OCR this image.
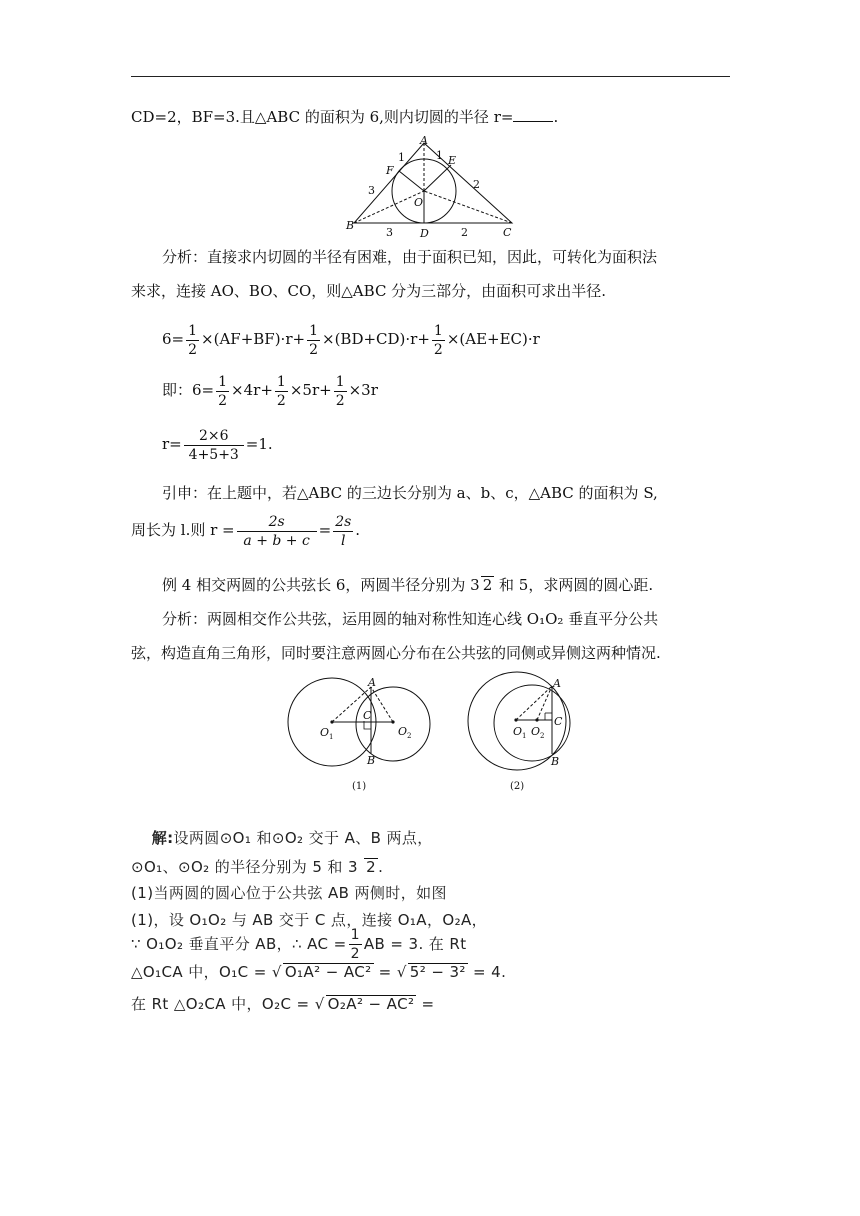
CD=2，BF=3.且△ABC 的面积为 6,则内切圆的半径 r=	.
A
B
C
D
E
F
O
1	1
3	2
3	2
分析：直接求内切圆的半径有困难，由于面积已知，因此，可转化为面积法
来求，连接 AO、BO、CO，则△ABC 分为三部分，由面积可求出半径.
$6= \frac{1}{2} \times(AF+BF)\cdot r+ \frac{1}{2} \times(BD+CD)\cdot r+ \frac{1}{2} \times(AE+EC)\cdot r$
即：$6= \frac{1}{2} \times 4r+ \frac{1}{2} \times 5r+ \frac{1}{2} \times 3r$
$r= \frac{2\times 6}{4+5+3} =1$.
引申：在上题中，若△ABC 的三边长分别为 a、b、c，△ABC 的面积为 S,
周长为 l.则 $r = \frac{2s}{a + b + c} = \frac{2s}{l}$ .
例 4 相交两圆的公共弦长 6，两圆半径分别为 3 2 和 5，求两圆的圆心距.
分析：两圆相交作公共弦，运用圆的轴对称性知连心线 O₁O₂ 垂直平分公共
弦，构造直角三角形，同时要注意两圆心分布在公共弦的同侧或异侧这两种情况.
A
B
C
O	O
1	2
(1)
A
B
C
O O
1 2
(2)
解:设两圆⊙O₁ 和⊙O₂ 交于 A、B 两点，
⊙O₁、⊙O₂ 的半径分别为 5 和 3 2 .
(1)当两圆的圆心位于公共弦 AB 两侧时，如图
(1)，设 O₁O₂ 与 AB 交于 C 点，连接 O₁A，O₂A，
∵ O₁O₂ 垂直平分 AB，∴ AC = $\frac{1}{2}$ AB = 3. 在 Rt
△O₁CA 中，O₁C = √ O₁A² − AC² = √ 5² − 3² = 4.
在 Rt △O₂CA 中，O₂C = √ O₂A² − AC² =
